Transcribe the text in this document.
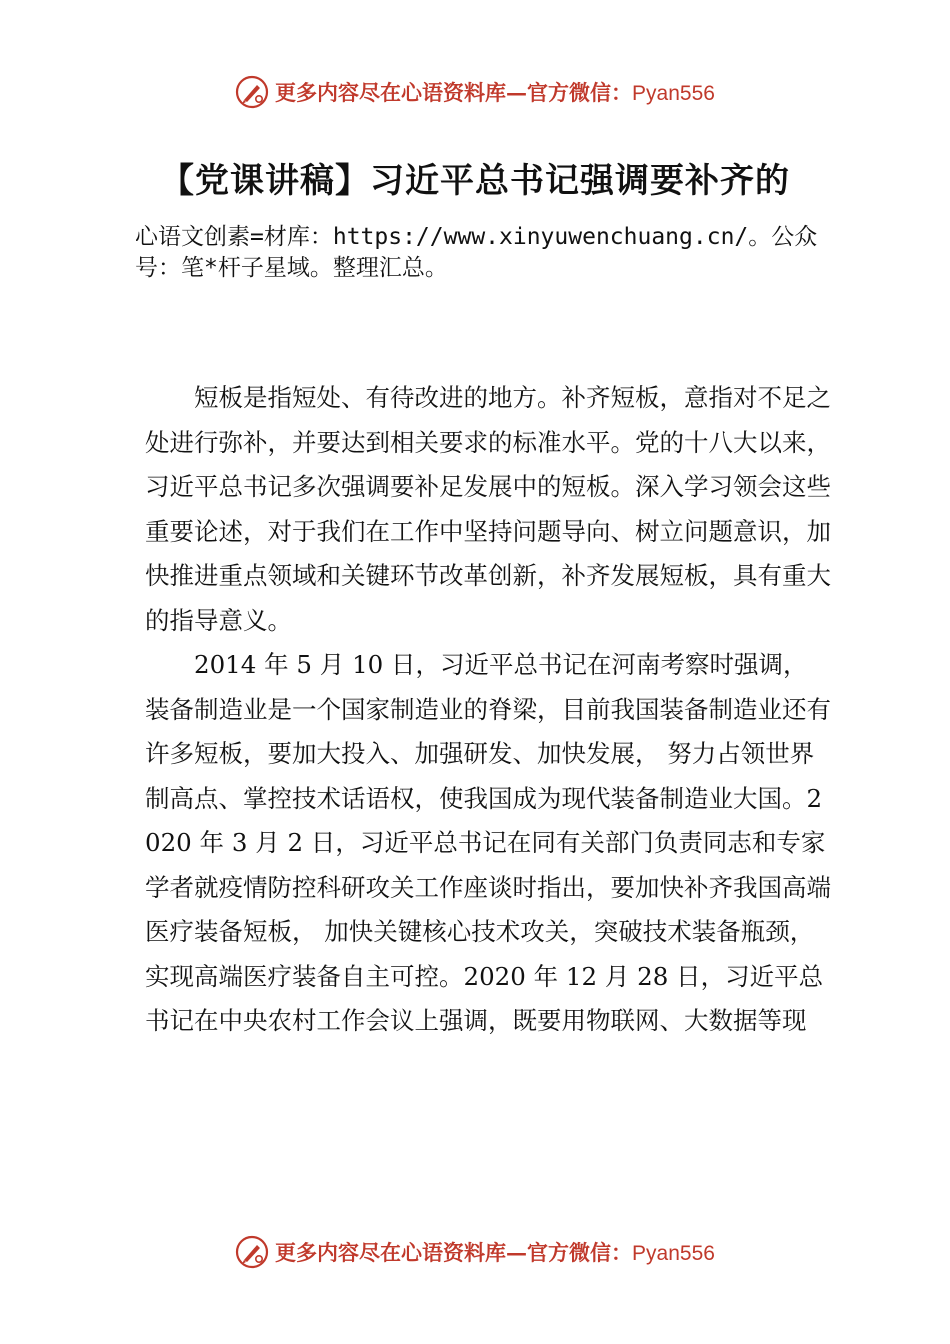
更多内容尽在心语资料库—官方微信：Pyan556
【党课讲稿】习近平总书记强调要补齐的
心语文创素=材库：https://www.xinyuwenchuang.cn/。公众号：笔*杆子星域。整理汇总。

短板是指短处、有待改进的地方。补齐短板，意指对不足之处进行弥补，并要达到相关要求的标准水平。党的十八大以来，习近平总书记多次强调要补足发展中的短板。深入学习领会这些重要论述，对于我们在工作中坚持问题导向、树立问题意识，加快推进重点领域和关键环节改革创新，补齐发展短板，具有重大的指导意义。

2014 年 5 月 10 日，习近平总书记在河南考察时强调， 装备制造业是一个国家制造业的脊梁，目前我国装备制造业还有许多短板，要加大投入、加强研发、加快发展， 努力占领世界制高点、掌控技术话语权，使我国成为现代装备制造业大国。2020 年 3 月 2 日，习近平总书记在同有关部门负责同志和专家学者就疫情防控科研攻关工作座谈时指出，要加快补齐我国高端医疗装备短板， 加快关键核心技术攻关，突破技术装备瓶颈，实现高端医疗装备自主可控。2020 年 12 月 28 日，习近平总书记在中央农村工作会议上强调，既要用物联网、大数据等现

更多内容尽在心语资料库—官方微信：Pyan556
